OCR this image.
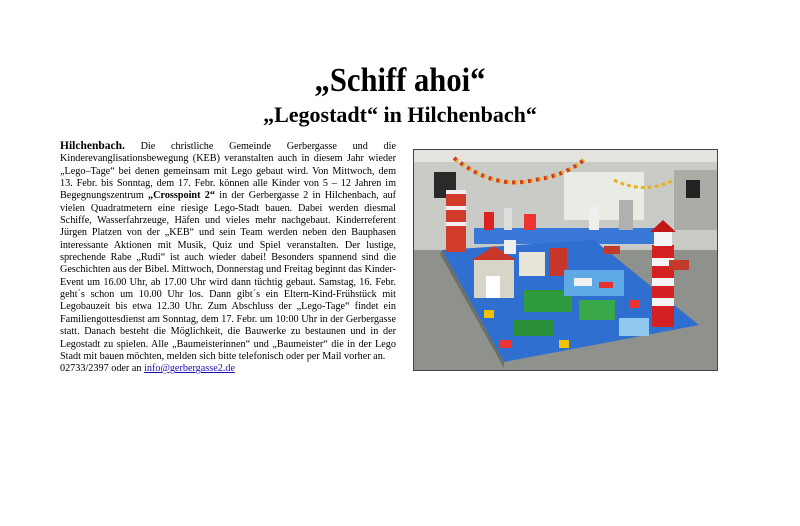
„Schiff ahoi“
„Legostadt“ in Hilchenbach“

Hilchenbach. Die christliche Gemeinde Gerbergasse und die Kinderevanglisationsbewegung (KEB) veranstalten auch in diesem Jahr wieder „Lego–Tage“ bei denen gemeinsam mit Lego gebaut wird. Von Mittwoch, dem 13. Febr. bis Sonntag, dem 17. Febr. können alle Kinder von 5 – 12 Jahren im Begegnungszentrum „Crosspoint 2“ in der Gerbergasse 2 in Hilchenbach, auf vielen Quadratmetern eine riesige Lego-Stadt bauen. Dabei werden diesmal Schiffe, Wasserfahrzeuge, Häfen und vieles mehr nachgebaut. Kinderreferent Jürgen Platzen von der „KEB“ und sein Team werden neben den Bauphasen interessante Aktionen mit Musik, Quiz und Spiel veranstalten. Der lustige, sprechende Rabe „Rudi“ ist auch wieder dabei! Besonders spannend sind die Geschichten aus der Bibel. Mittwoch, Donnerstag und Freitag beginnt das Kinder-Event um 16.00 Uhr, ab 17.00 Uhr wird dann tüchtig gebaut. Samstag, 16. Febr. geht´s schon um 10.00 Uhr los. Dann gibt´s ein Eltern-Kind-Frühstück mit Legobauzeit bis etwa 12.30 Uhr. Zum Abschluss der „Lego-Tage“ findet ein Familiengottesdienst am Sonntag, dem 17. Febr. um 10:00 Uhr in der Gerbergasse statt. Danach besteht die Möglichkeit, die Bauwerke zu bestaunen und in der Legostadt zu spielen. Alle „Baumeisterinnen“ und „Baumeister“ die in der Lego Stadt mit bauen möchten, melden sich bitte telefonisch oder per Mail vorher an.

02733/2397 oder an info@gerbergasse2.de
